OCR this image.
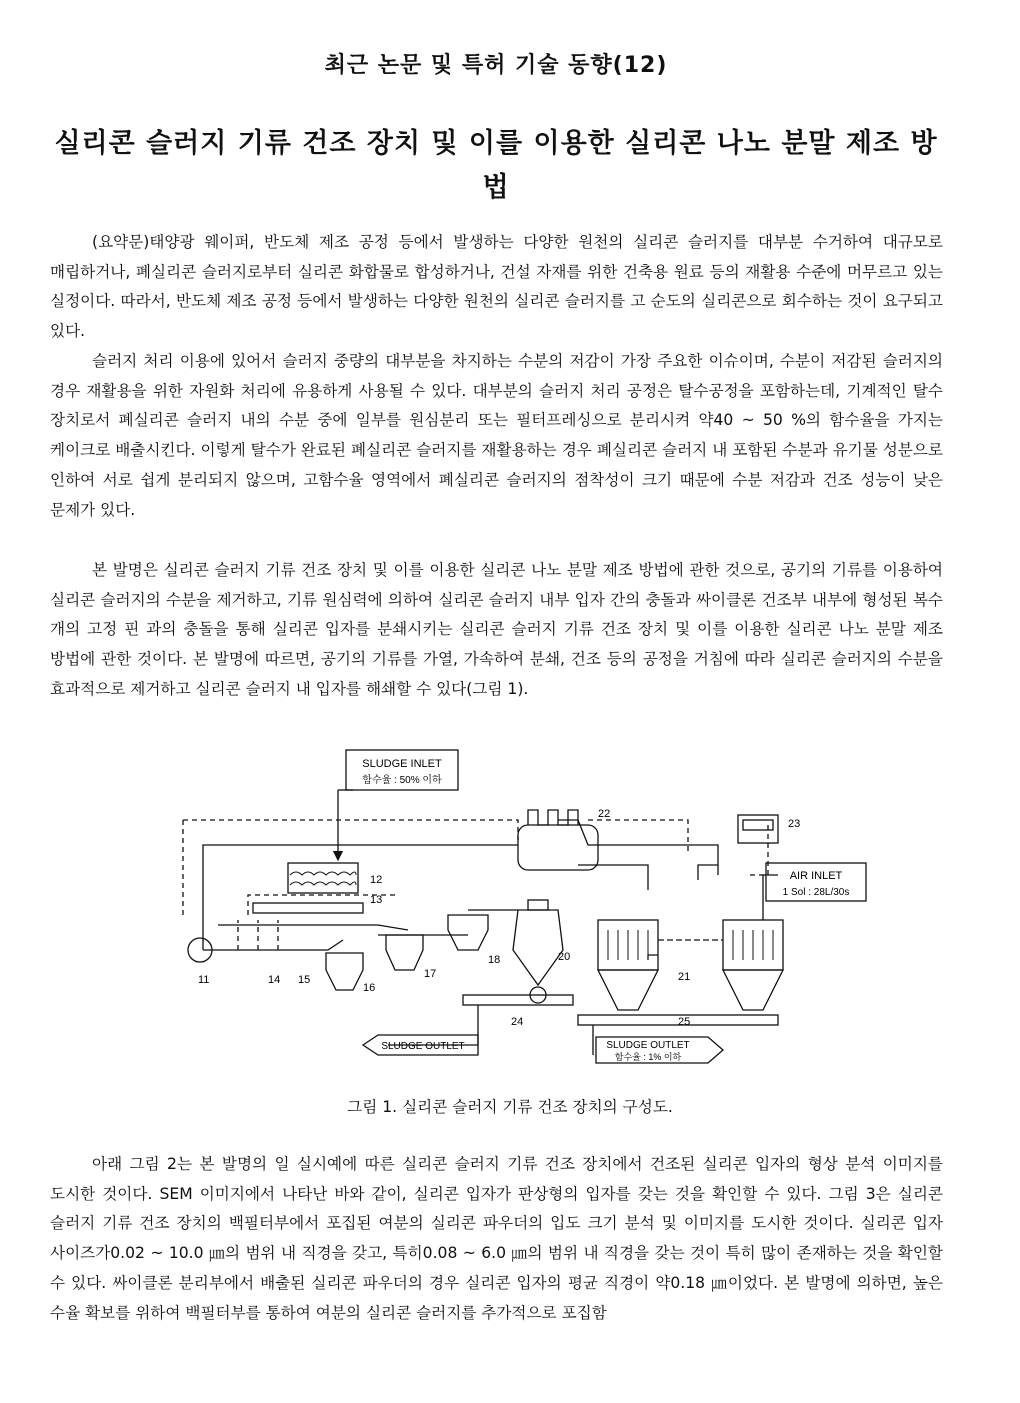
최근 논문 및 특허 기술 동향(12)
실리콘 슬러지 기류 건조 장치 및 이를 이용한 실리콘 나노 분말 제조 방법

(요약문)태양광 웨이퍼, 반도체 제조 공정 등에서 발생하는 다양한 원천의 실리콘 슬러지를 대부분 수거하여 대규모로 매립하거나, 폐실리콘 슬러지로부터 실리콘 화합물로 합성하거나, 건설 자재를 위한 건축용 원료 등의 재활용 수준에 머무르고 있는 실정이다. 따라서, 반도체 제조 공정 등에서 발생하는 다양한 원천의 실리콘 슬러지를 고 순도의 실리콘으로 회수하는 것이 요구되고 있다.

슬러지 처리 이용에 있어서 슬러지 중량의 대부분을 차지하는 수분의 저감이 가장 주요한 이슈이며, 수분이 저감된 슬러지의 경우 재활용을 위한 자원화 처리에 유용하게 사용될 수 있다. 대부분의 슬러지 처리 공정은 탈수공정을 포함하는데, 기계적인 탈수 장치로서 폐실리콘 슬러지 내의 수분 중에 일부를 원심분리 또는 필터프레싱으로 분리시켜 약40 ~ 50 %의 함수율을 가지는 케이크로 배출시킨다. 이렇게 탈수가 완료된 폐실리콘 슬러지를 재활용하는 경우 폐실리콘 슬러지 내 포함된 수분과 유기물 성분으로 인하여 서로 쉽게 분리되지 않으며, 고함수율 영역에서 폐실리콘 슬러지의 점착성이 크기 때문에 수분 저감과 건조 성능이 낮은 문제가 있다.

본 발명은 실리콘 슬러지 기류 건조 장치 및 이를 이용한 실리콘 나노 분말 제조 방법에 관한 것으로, 공기의 기류를 이용하여 실리콘 슬러지의 수분을 제거하고, 기류 원심력에 의하여 실리콘 슬러지 내부 입자 간의 충돌과 싸이클론 건조부 내부에 형성된 복수 개의 고정 핀 과의 충돌을 통해 실리콘 입자를 분쇄시키는 실리콘 슬러지 기류 건조 장치 및 이를 이용한 실리콘 나노 분말 제조 방법에 관한 것이다. 본 발명에 따르면, 공기의 기류를 가열, 가속하여 분쇄, 건조 등의 공정을 거침에 따라 실리콘 슬러지의 수분을 효과적으로 제거하고 실리콘 슬러지 내 입자를 해쇄할 수 있다(그림 1).

SLUDGE INLET
함수율 : 50% 이하
AIR INLET
1 Sol : 28L/30s
SLUDGE OUTLET	SLUDGE OUTLET
함수율 : 1% 이하
11
12
13
14 15
16
17
18	20
21
22
23
24	25
그림 1. 실리콘 슬러지 기류 건조 장치의 구성도.

아래 그림 2는 본 발명의 일 실시예에 따른 실리콘 슬러지 기류 건조 장치에서 건조된 실리콘 입자의 형상 분석 이미지를 도시한 것이다. SEM 이미지에서 나타난 바와 같이, 실리콘 입자가 판상형의 입자를 갖는 것을 확인할 수 있다. 그림 3은 실리콘 슬러지 기류 건조 장치의 백필터부에서 포집된 여분의 실리콘 파우더의 입도 크기 분석 및 이미지를 도시한 것이다. 실리콘 입자 사이즈가0.02 ~ 10.0 ㎛의 범위 내 직경을 갖고, 특히0.08 ~ 6.0 ㎛의 범위 내 직경을 갖는 것이 특히 많이 존재하는 것을 확인할 수 있다. 싸이클론 분리부에서 배출된 실리콘 파우더의 경우 실리콘 입자의 평균 직경이 약0.18 ㎛이었다. 본 발명에 의하면, 높은 수율 확보를 위하여 백필터부를 통하여 여분의 실리콘 슬러지를 추가적으로 포집함
